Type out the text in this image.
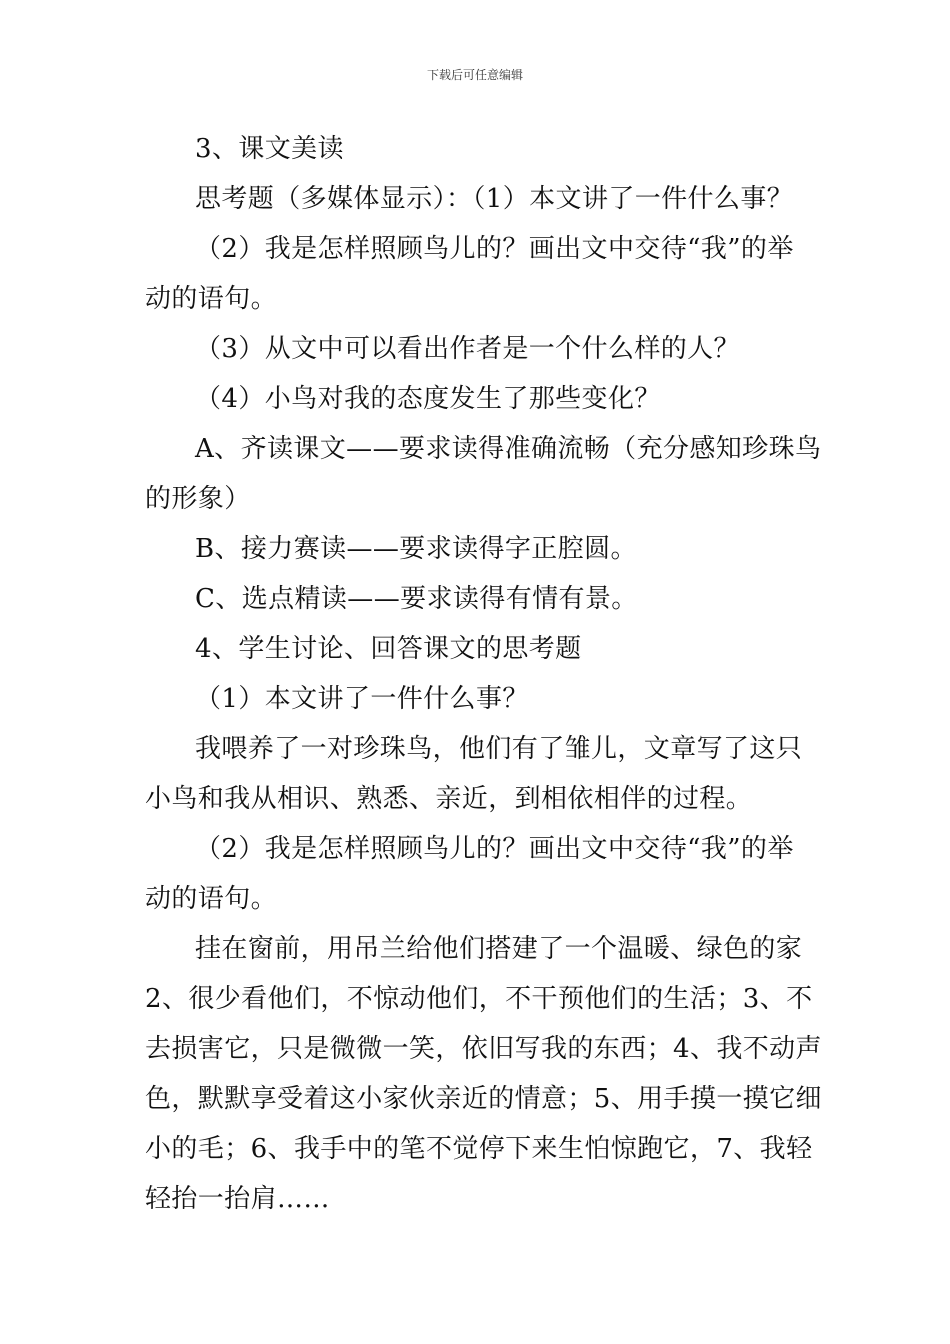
下载后可任意编辑
3、课文美读
思考题（多媒体显示）：（1）本文讲了一件什么事？
（2）我是怎样照顾鸟儿的？画出文中交待“我”的举
动的语句。
（3）从文中可以看出作者是一个什么样的人？
（4）小鸟对我的态度发生了那些变化？
A、齐读课文——要求读得准确流畅（充分感知珍珠鸟
的形象）
B、接力赛读——要求读得字正腔圆。
C、选点精读——要求读得有情有景。
4、学生讨论、回答课文的思考题
（1）本文讲了一件什么事？
我喂养了一对珍珠鸟，他们有了雏儿，文章写了这只
小鸟和我从相识、熟悉、亲近，到相依相伴的过程。
（2）我是怎样照顾鸟儿的？画出文中交待“我”的举
动的语句。
挂在窗前，用吊兰给他们搭建了一个温暖、绿色的家
2、很少看他们，不惊动他们，不干预他们的生活；3、不
去损害它，只是微微一笑，依旧写我的东西；4、我不动声
色，默默享受着这小家伙亲近的情意；5、用手摸一摸它细
小的毛；6、我手中的笔不觉停下来生怕惊跑它，7、我轻
轻抬一抬肩……
